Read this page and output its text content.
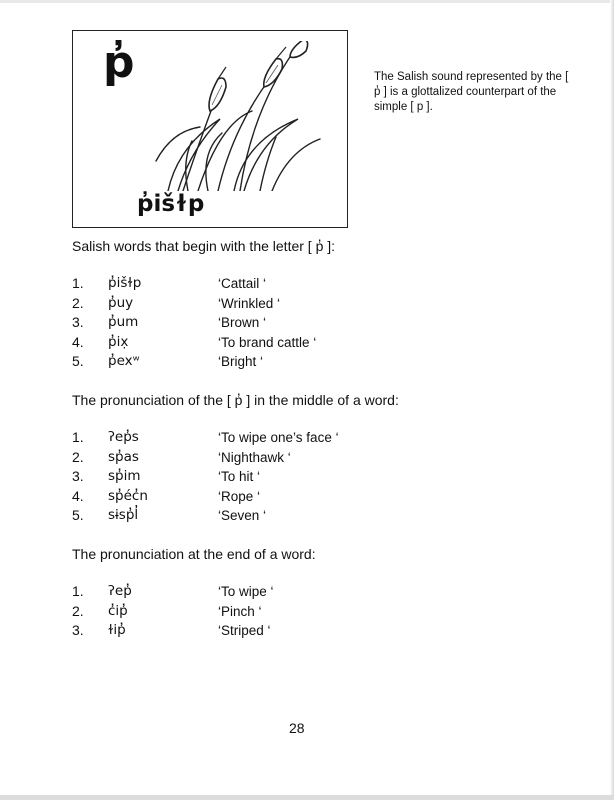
p̓
p̓išɫp
The Salish sound represented by the [ p̓ ] is a glottalized counterpart of the simple [ p ].
Salish words that begin with the letter [ p̓ ]:
1. p̓išɫp	‘Cattail ‘
2. p̓uy	‘Wrinkled ‘
3. p̓um	‘Brown ‘
4. p̓ix̣	‘To brand cattle ‘
5. p̓exʷ	‘Bright ‘
The pronunciation of the [ p̓ ] in the middle of a word:
1. ʔep̓s	‘To wipe one’s face ‘
2. sp̓as	‘Nighthawk ‘
3. sp̓im	‘To hit ‘
4. sp̓éc̓n	‘Rope ‘
5. sɨsp̓l̓	‘Seven ‘
The pronunciation at the end of a word:
1. ʔep̓	‘To wipe ‘
2. c̓ip̓	‘Pinch ‘
3. ɫip̓	‘Striped ‘
28
